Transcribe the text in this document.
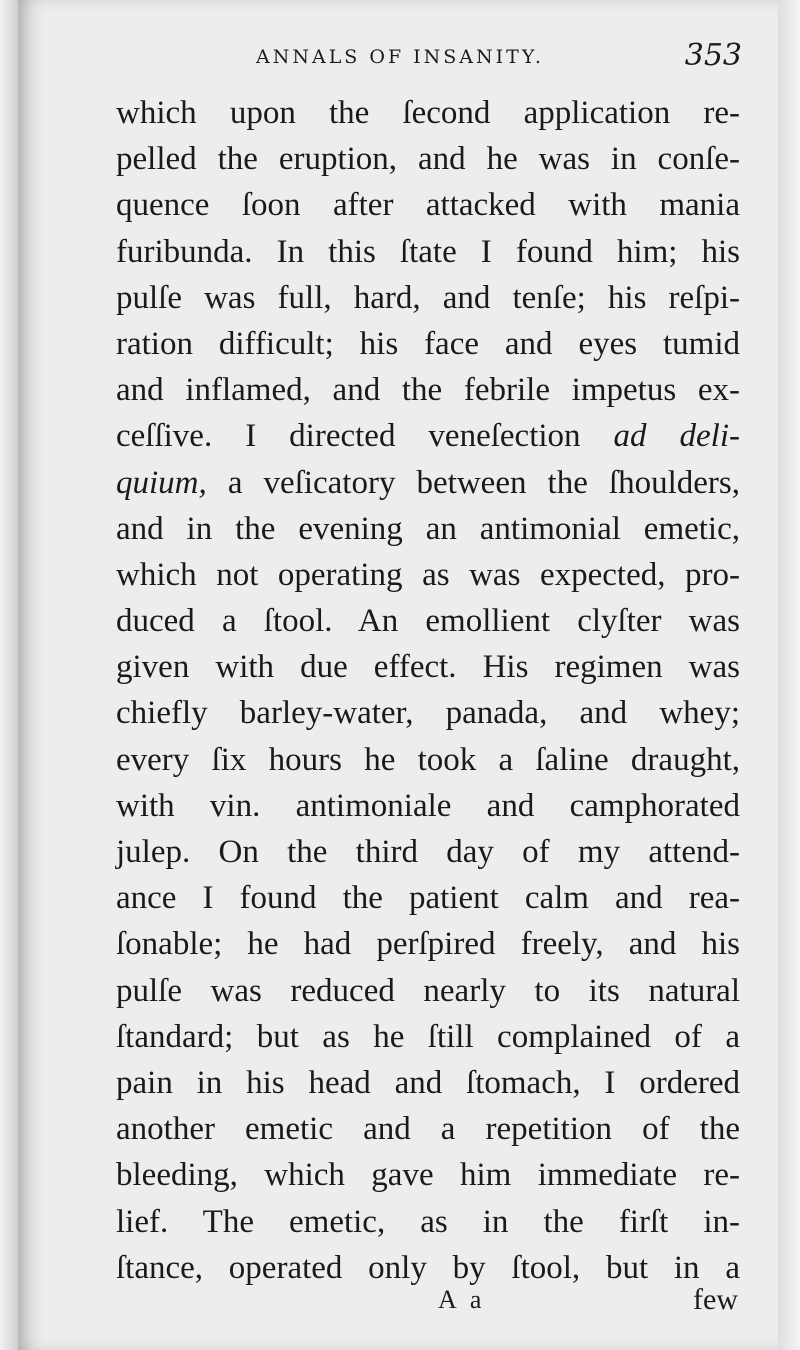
ANNALS OF INSANITY.	353
which upon the ſecond application re-
pelled the eruption, and he was in conſe-
quence ſoon after attacked with mania
furibunda. In this ſtate I found him; his
pulſe was full, hard, and tenſe; his reſpi-
ration difficult; his face and eyes tumid
and inflamed, and the febrile impetus ex-
ceſſive. I directed veneſection ad deli-
quium, a veſicatory between the ſhoulders,
and in the evening an antimonial emetic,
which not operating as was expected, pro-
duced a ſtool. An emollient clyſter was
given with due effect. His regimen was
chiefly barley-water, panada, and whey;
every ſix hours he took a ſaline draught,
with vin. antimoniale and camphorated
julep. On the third day of my attend-
ance I found the patient calm and rea-
ſonable; he had perſpired freely, and his
pulſe was reduced nearly to its natural
ſtandard; but as he ſtill complained of a
pain in his head and ſtomach, I ordered
another emetic and a repetition of the
bleeding, which gave him immediate re-
lief. The emetic, as in the firſt in-
ſtance, operated only by ſtool, but in a
A a	few
